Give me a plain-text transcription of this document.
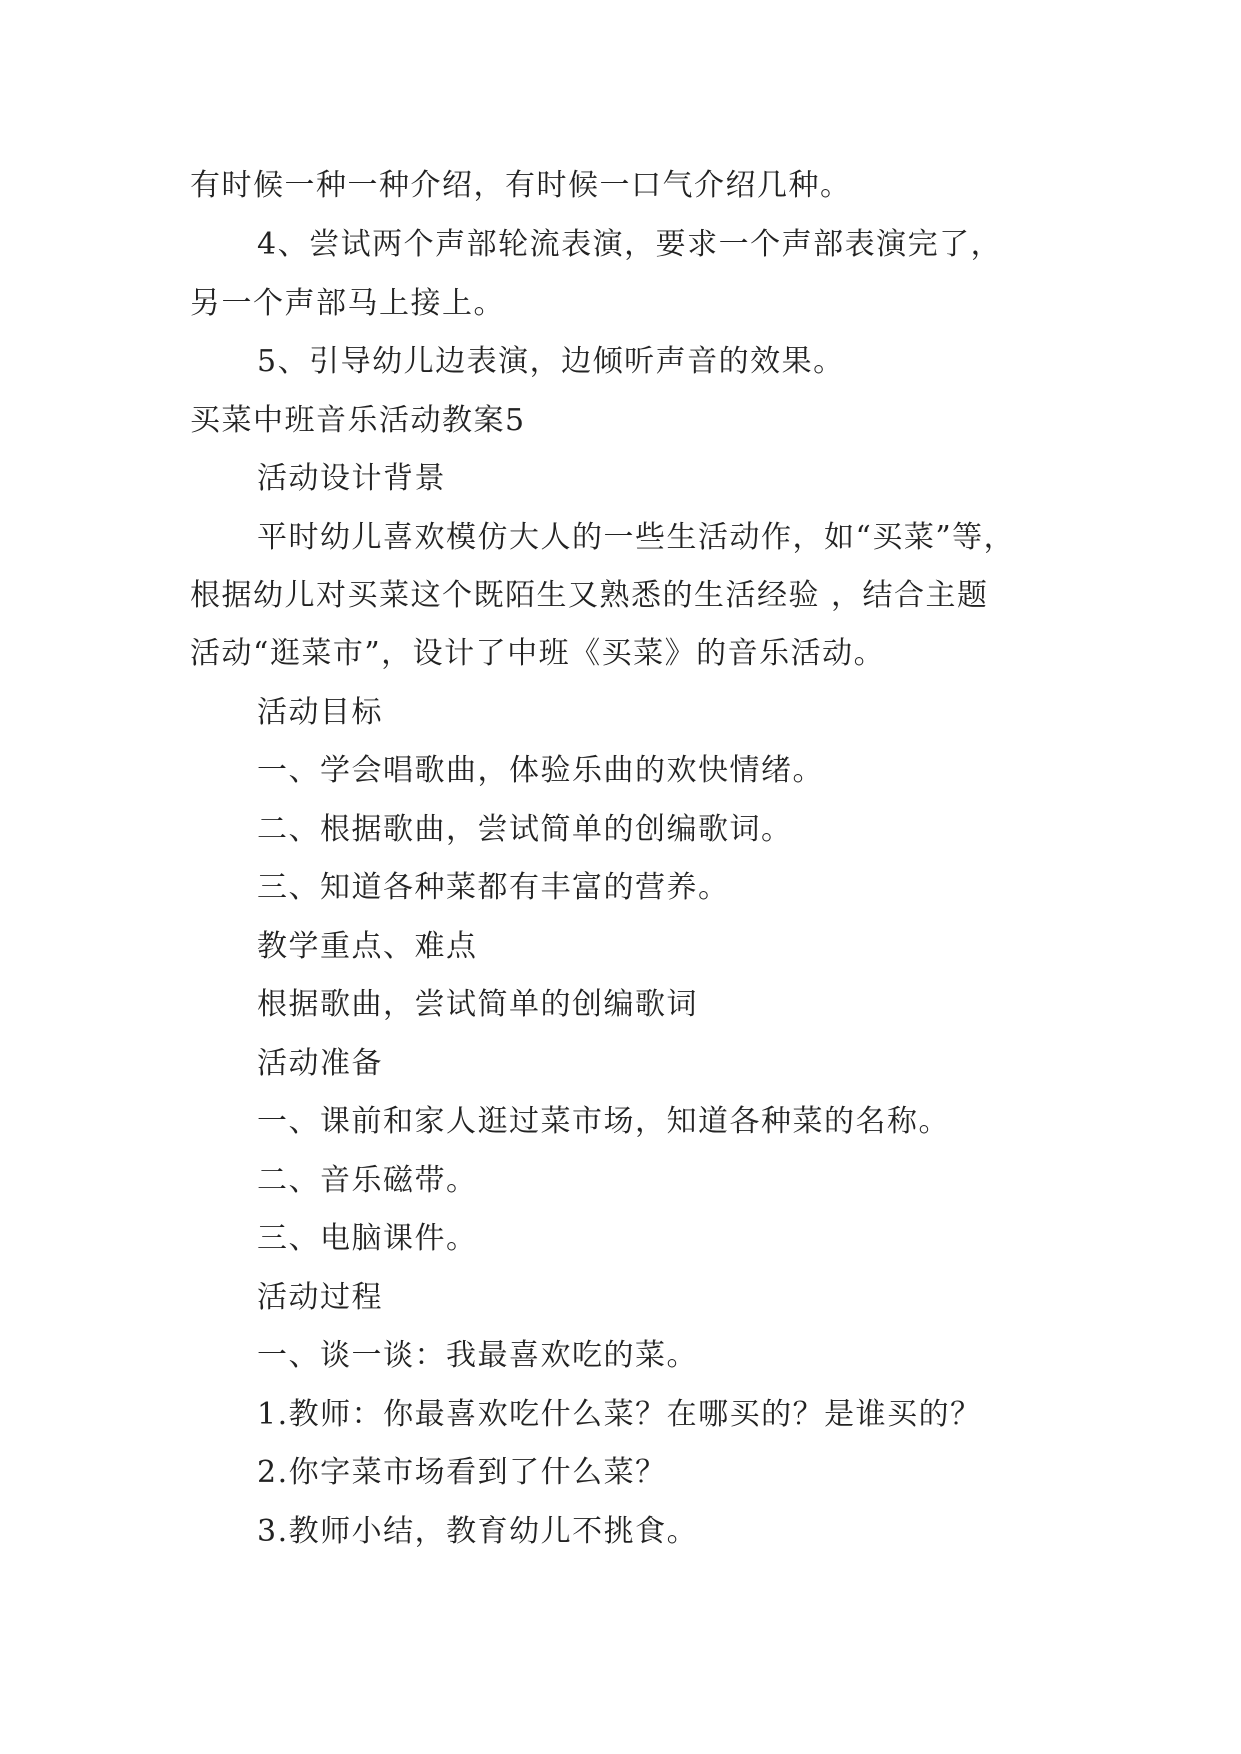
有时候一种一种介绍，有时候一口气介绍几种。
4、尝试两个声部轮流表演，要求一个声部表演完了，
另一个声部马上接上。
5、引导幼儿边表演，边倾听声音的效果。
买菜中班音乐活动教案5
活动设计背景
平时幼儿喜欢模仿大人的一些生活动作，如“买菜”等，
根据幼儿对买菜这个既陌生又熟悉的生活经验 ，结合主题
活动“逛菜市”，设计了中班《买菜》的音乐活动。
活动目标
一、学会唱歌曲，体验乐曲的欢快情绪。
二、根据歌曲，尝试简单的创编歌词。
三、知道各种菜都有丰富的营养。
教学重点、难点
根据歌曲，尝试简单的创编歌词
活动准备
一、课前和家人逛过菜市场，知道各种菜的名称。
二、音乐磁带。
三、电脑课件。
活动过程
一、谈一谈：我最喜欢吃的菜。
1.教师：你最喜欢吃什么菜？在哪买的？是谁买的？
2.你字菜市场看到了什么菜？
3.教师小结，教育幼儿不挑食。
